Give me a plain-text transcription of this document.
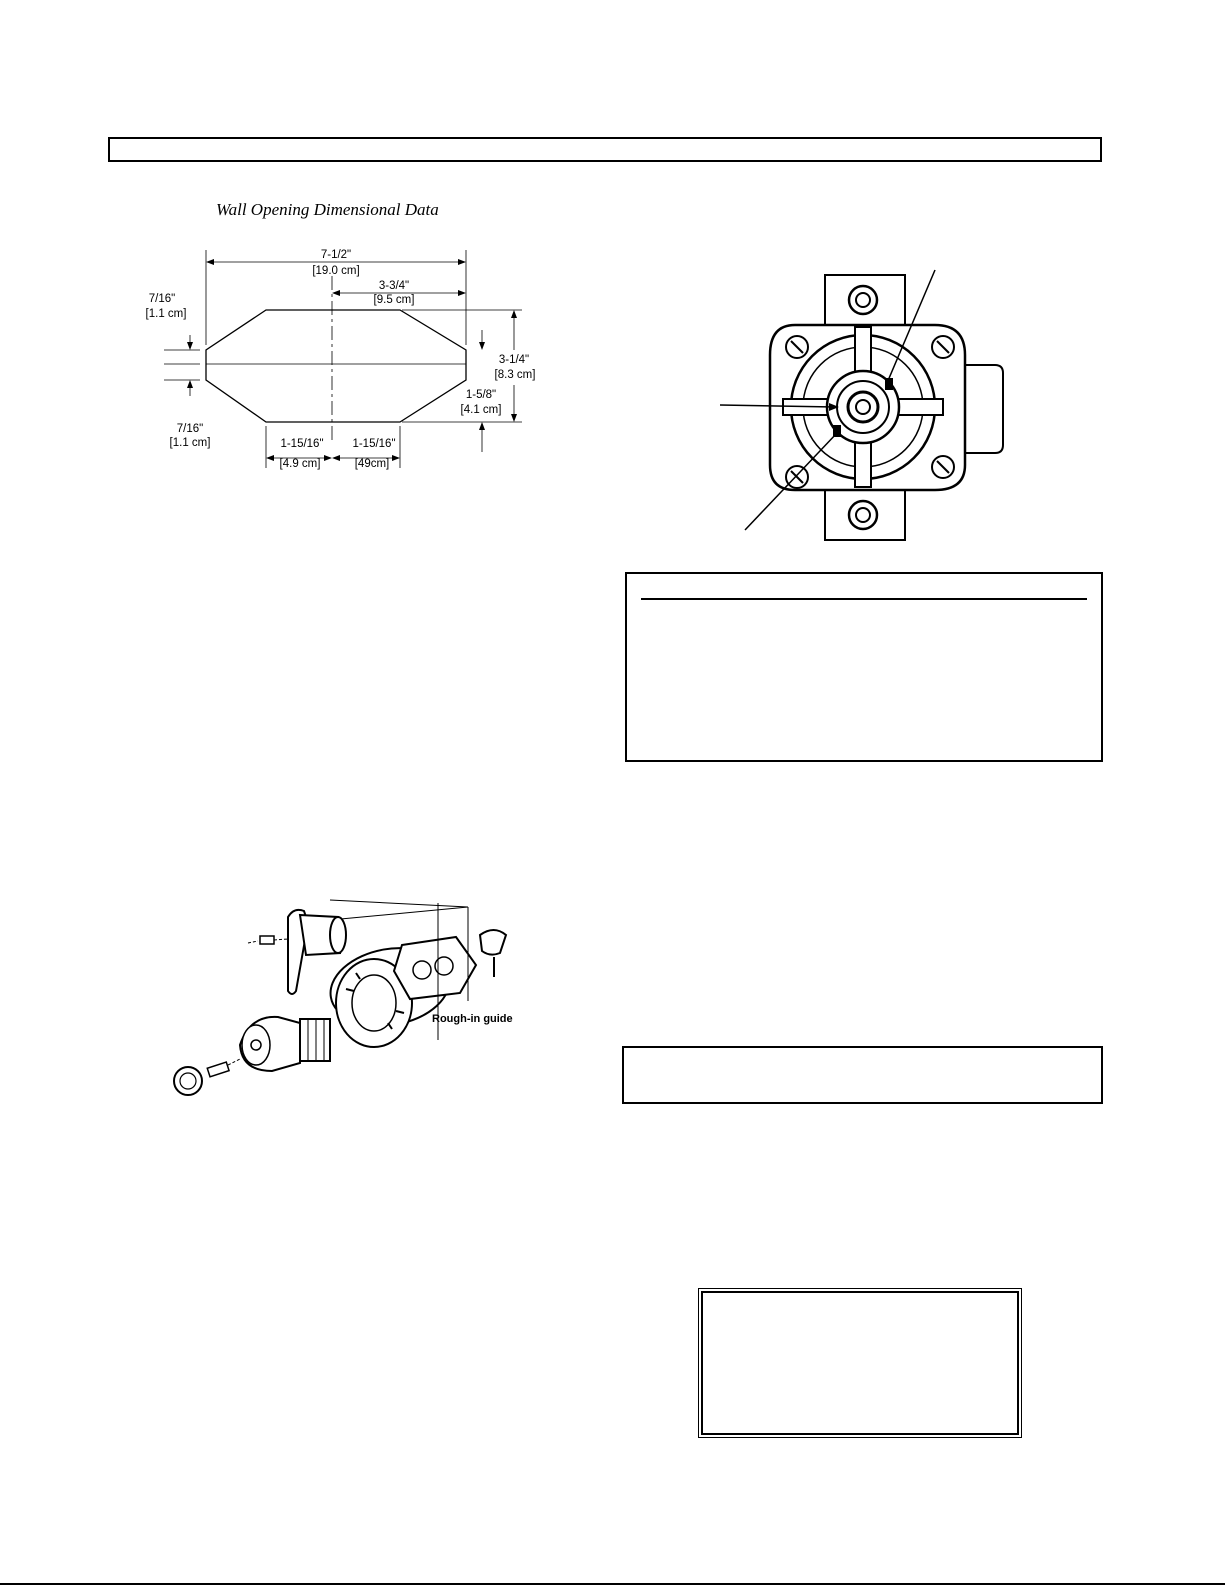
Wall Opening Dimensional Data
7-1/2"
[19.0 cm]
3-3/4"
[9.5 cm]
7/16"
[1.1 cm]
7/16"
[1.1 cm]
3-1/4"
[8.3 cm]
1-5/8"
[4.1 cm]
1-15/16"
[4.9 cm]
1-15/16"
[49cm]
Rough-in guide
